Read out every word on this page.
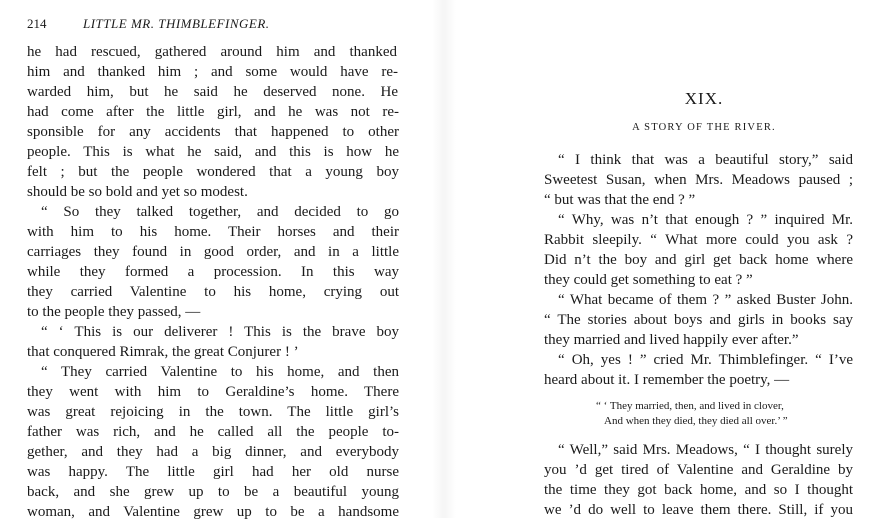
214	LITTLE MR. THIMBLEFINGER.
he had rescued, gathered around him and thanked
him and thanked him ; and some would have re-
warded him, but he said he deserved none. He
had come after the little girl, and he was not re-
sponsible for any accidents that happened to other
people. This is what he said, and this is how he
felt ; but the people wondered that a young boy
should be so bold and yet so modest.
“ So they talked together, and decided to go
with him to his home. Their horses and their
carriages they found in good order, and in a little
while they formed a procession. In this way
they carried Valentine to his home, crying out
to the people they passed, —
“ ‘ This is our deliverer ! This is the brave boy
that conquered Rimrak, the great Conjurer ! ’
“ They carried Valentine to his home, and then
they went with him to Geraldine’s home. There
was great rejoicing in the town. The little girl’s
father was rich, and he called all the people to-
gether, and they had a big dinner, and everybody
was happy. The little girl had her old nurse
back, and she grew up to be a beautiful young
woman, and Valentine grew up to be a handsome
XIX.
A STORY OF THE RIVER.
“ I think that was a beautiful story,” said
Sweetest Susan, when Mrs. Meadows paused ;
“ but was that the end ? ”
“ Why, was n’t that enough ? ” inquired Mr.
Rabbit sleepily. “ What more could you ask ?
Did n’t the boy and girl get back home where
they could get something to eat ? ”
“ What became of them ? ” asked Buster John.
“ The stories about boys and girls in books say
they married and lived happily ever after.”
“ Oh, yes ! ” cried Mr. Thimblefinger. “ I’ve
heard about it. I remember the poetry, —
“ ‘ They married, then, and lived in clover,
And when they died, they died all over.’ ”
“ Well,” said Mrs. Meadows, “ I thought surely
you ’d get tired of Valentine and Geraldine by
the time they got back home, and so I thought
we ’d do well to leave them there. Still, if you
